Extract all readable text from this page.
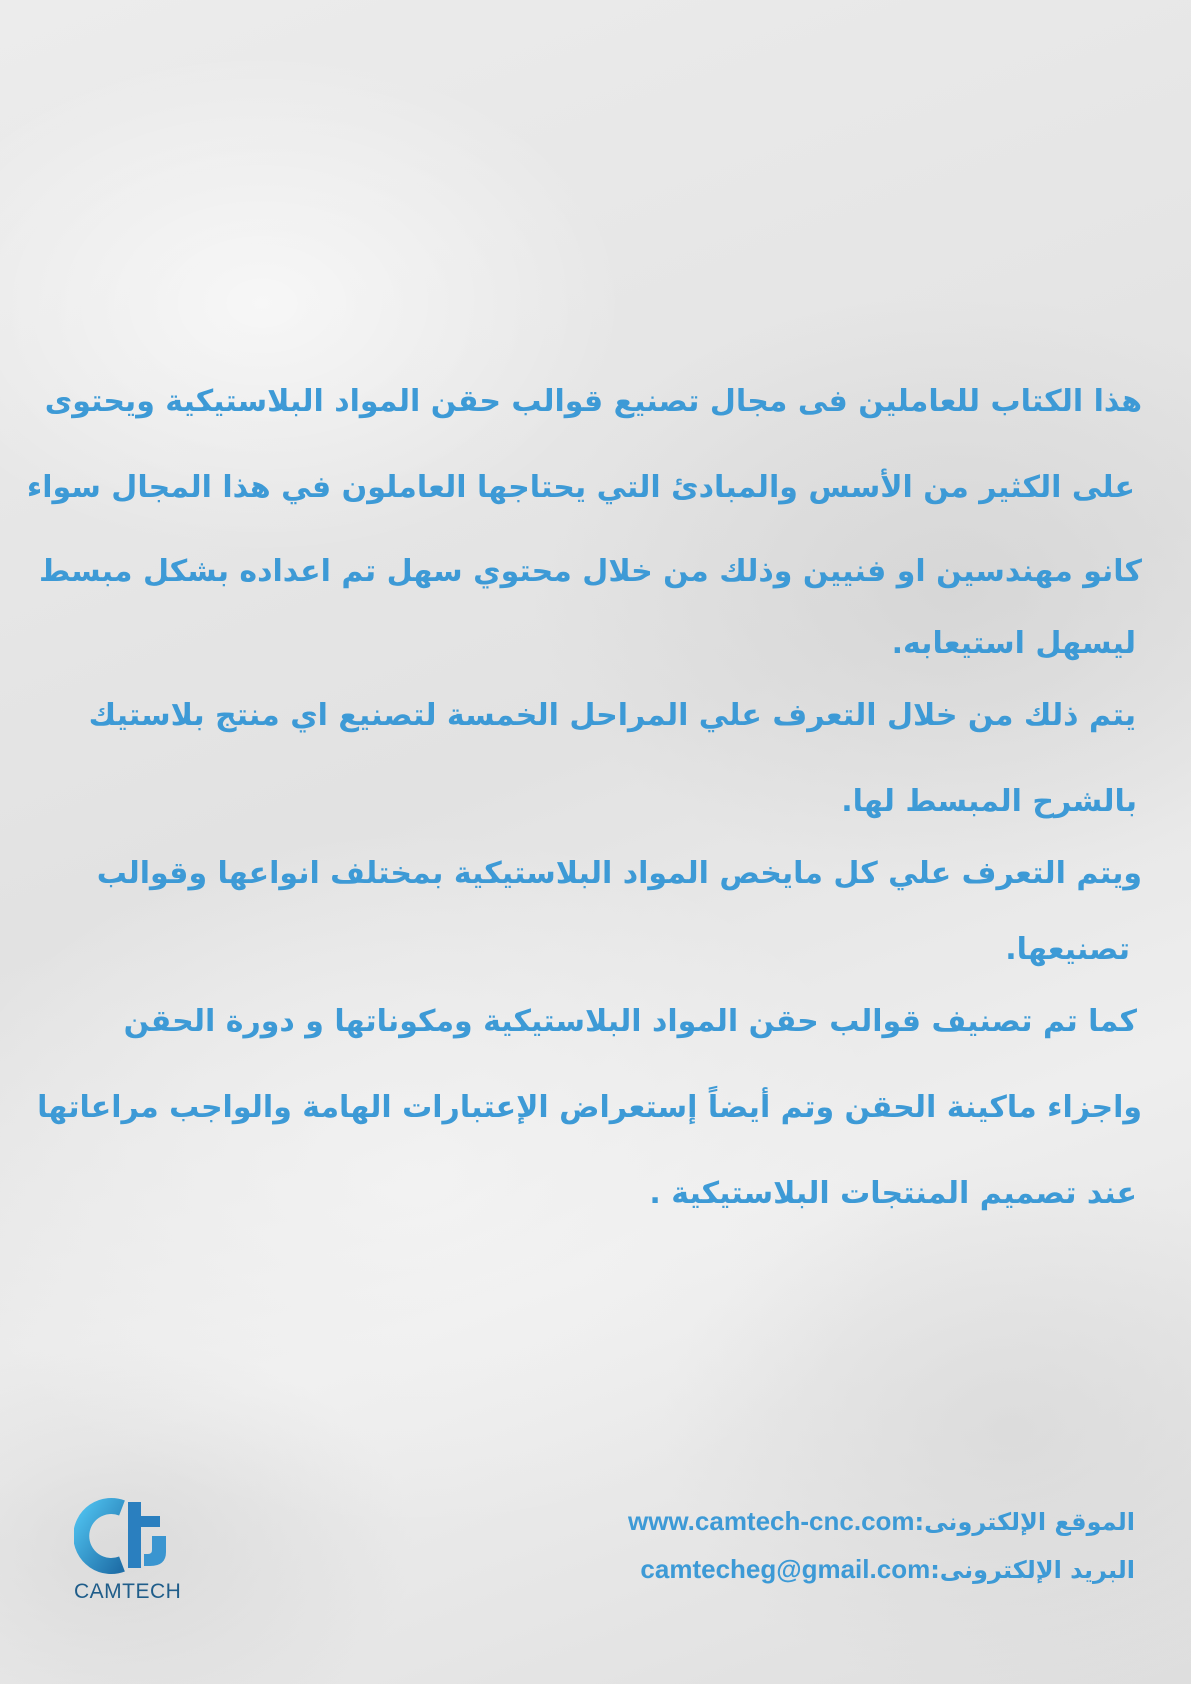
هذا الكتاب للعاملين فى مجال تصنيع قوالب حقن المواد البلاستيكية ويحتوى

على الكثير من الأسس والمبادئ التي يحتاجها العاملون في هذا المجال سواء

كانو مهندسين او فنيين وذلك من خلال محتوي سهل تم اعداده بشكل مبسط

ليسهل استيعابه.

يتم ذلك من خلال التعرف علي المراحل الخمسة لتصنيع اي منتج بلاستيك

بالشرح المبسط لها.

ويتم التعرف علي كل مايخص المواد البلاستيكية بمختلف انواعها وقوالب

تصنيعها.

كما تم تصنيف قوالب حقن المواد البلاستيكية ومكوناتها و دورة الحقن

واجزاء ماكينة الحقن وتم أيضاً إستعراض الإعتبارات الهامة والواجب مراعاتها

عند تصميم المنتجات البلاستيكية .

الموقع الإلكترونى:www.camtech-cnc.com
البريد الإلكترونى:camtecheg@gmail.com
CAMTECH
